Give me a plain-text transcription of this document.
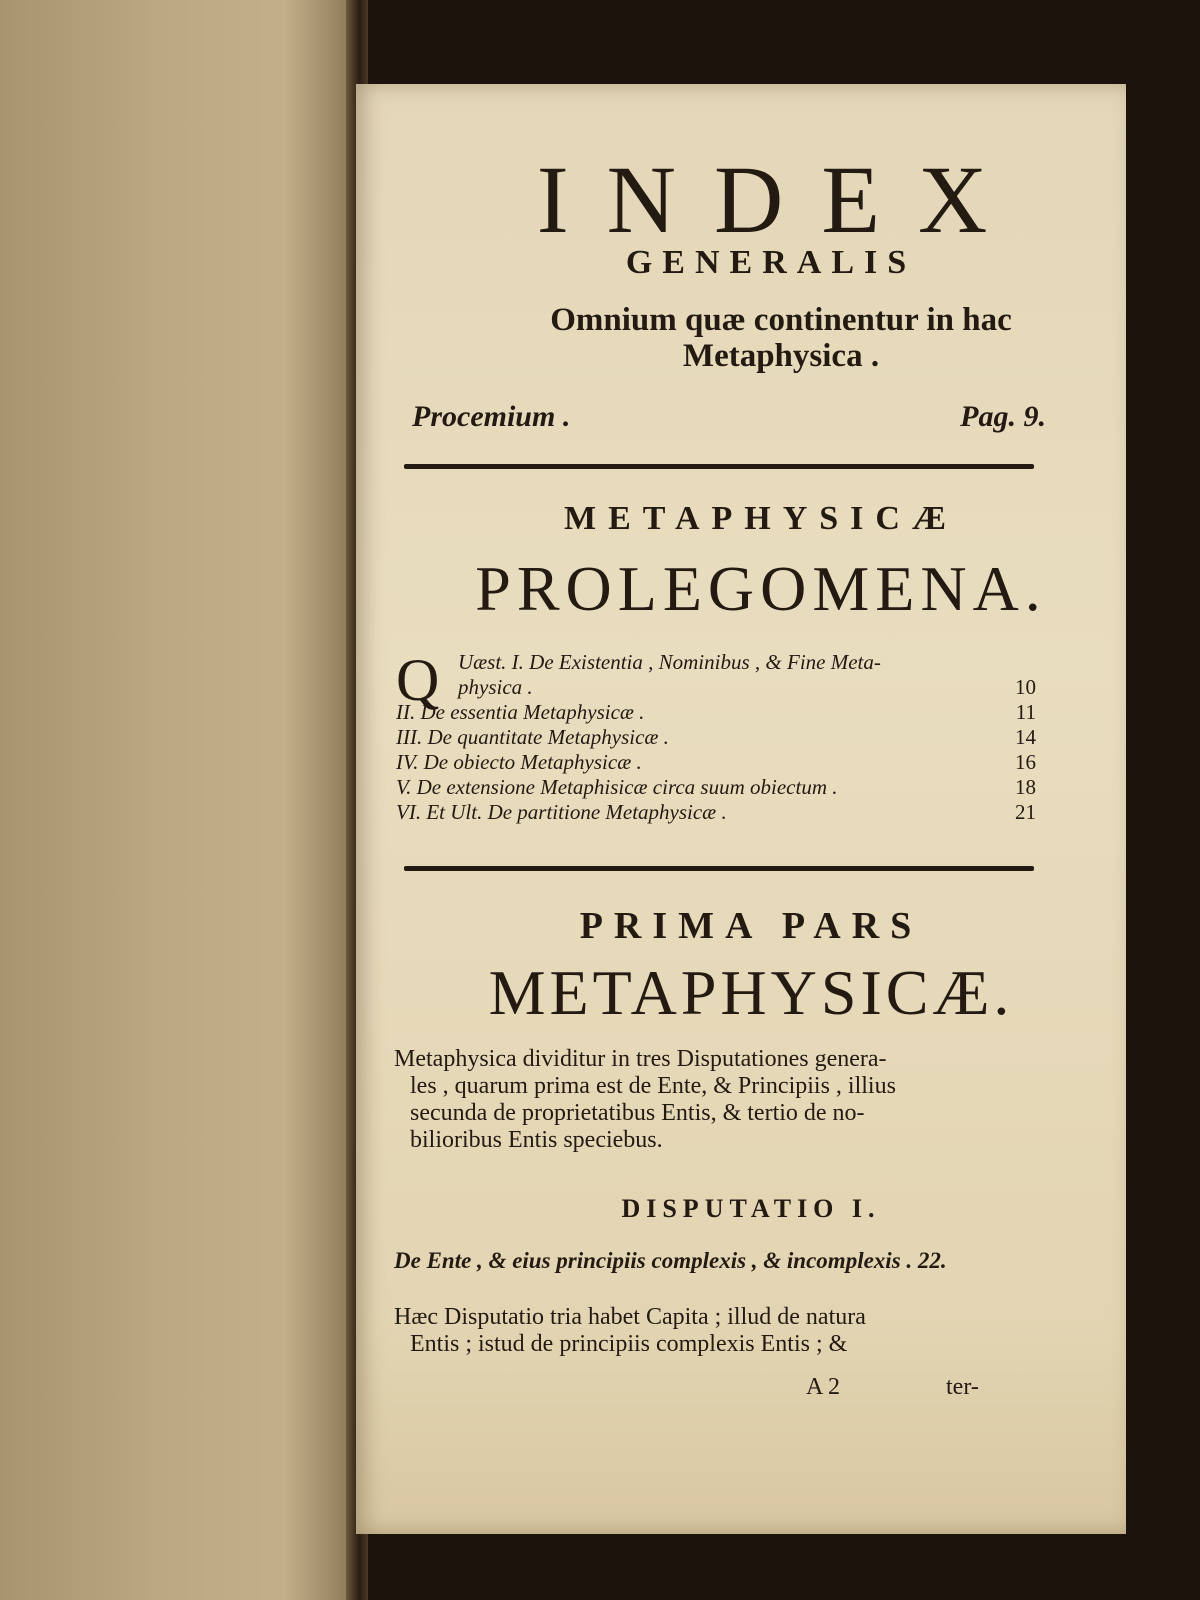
INDEX
GENERALIS
Omnium quæ continentur in hac
Metaphysica .
Procemium .	Pag. 9.
METAPHYSICÆ
PROLEGOMENA.
Q Uæst. I. De Existentia , Nominibus , & Fine Meta-
physica .	10
II. De essentia Metaphysicæ .	11
III. De quantitate Metaphysicæ .	14
IV. De obiecto Metaphysicæ .	16
V. De extensione Metaphisicæ circa suum obiectum .	18
VI. Et Ult. De partitione Metaphysicæ .	21
PRIMA PARS
METAPHYSICÆ.
Metaphysica dividitur in tres Disputationes genera-
les , quarum prima est de Ente, & Principiis , illius
secunda de proprietatibus Entis, & tertio de no-
bilioribus Entis speciebus.
DISPUTATIO I.
De Ente , & eius principiis complexis , & incomplexis . 22.
Hæc Disputatio tria habet Capita ; illud de natura
Entis ; istud de principiis complexis Entis ; &
A 2	ter-
